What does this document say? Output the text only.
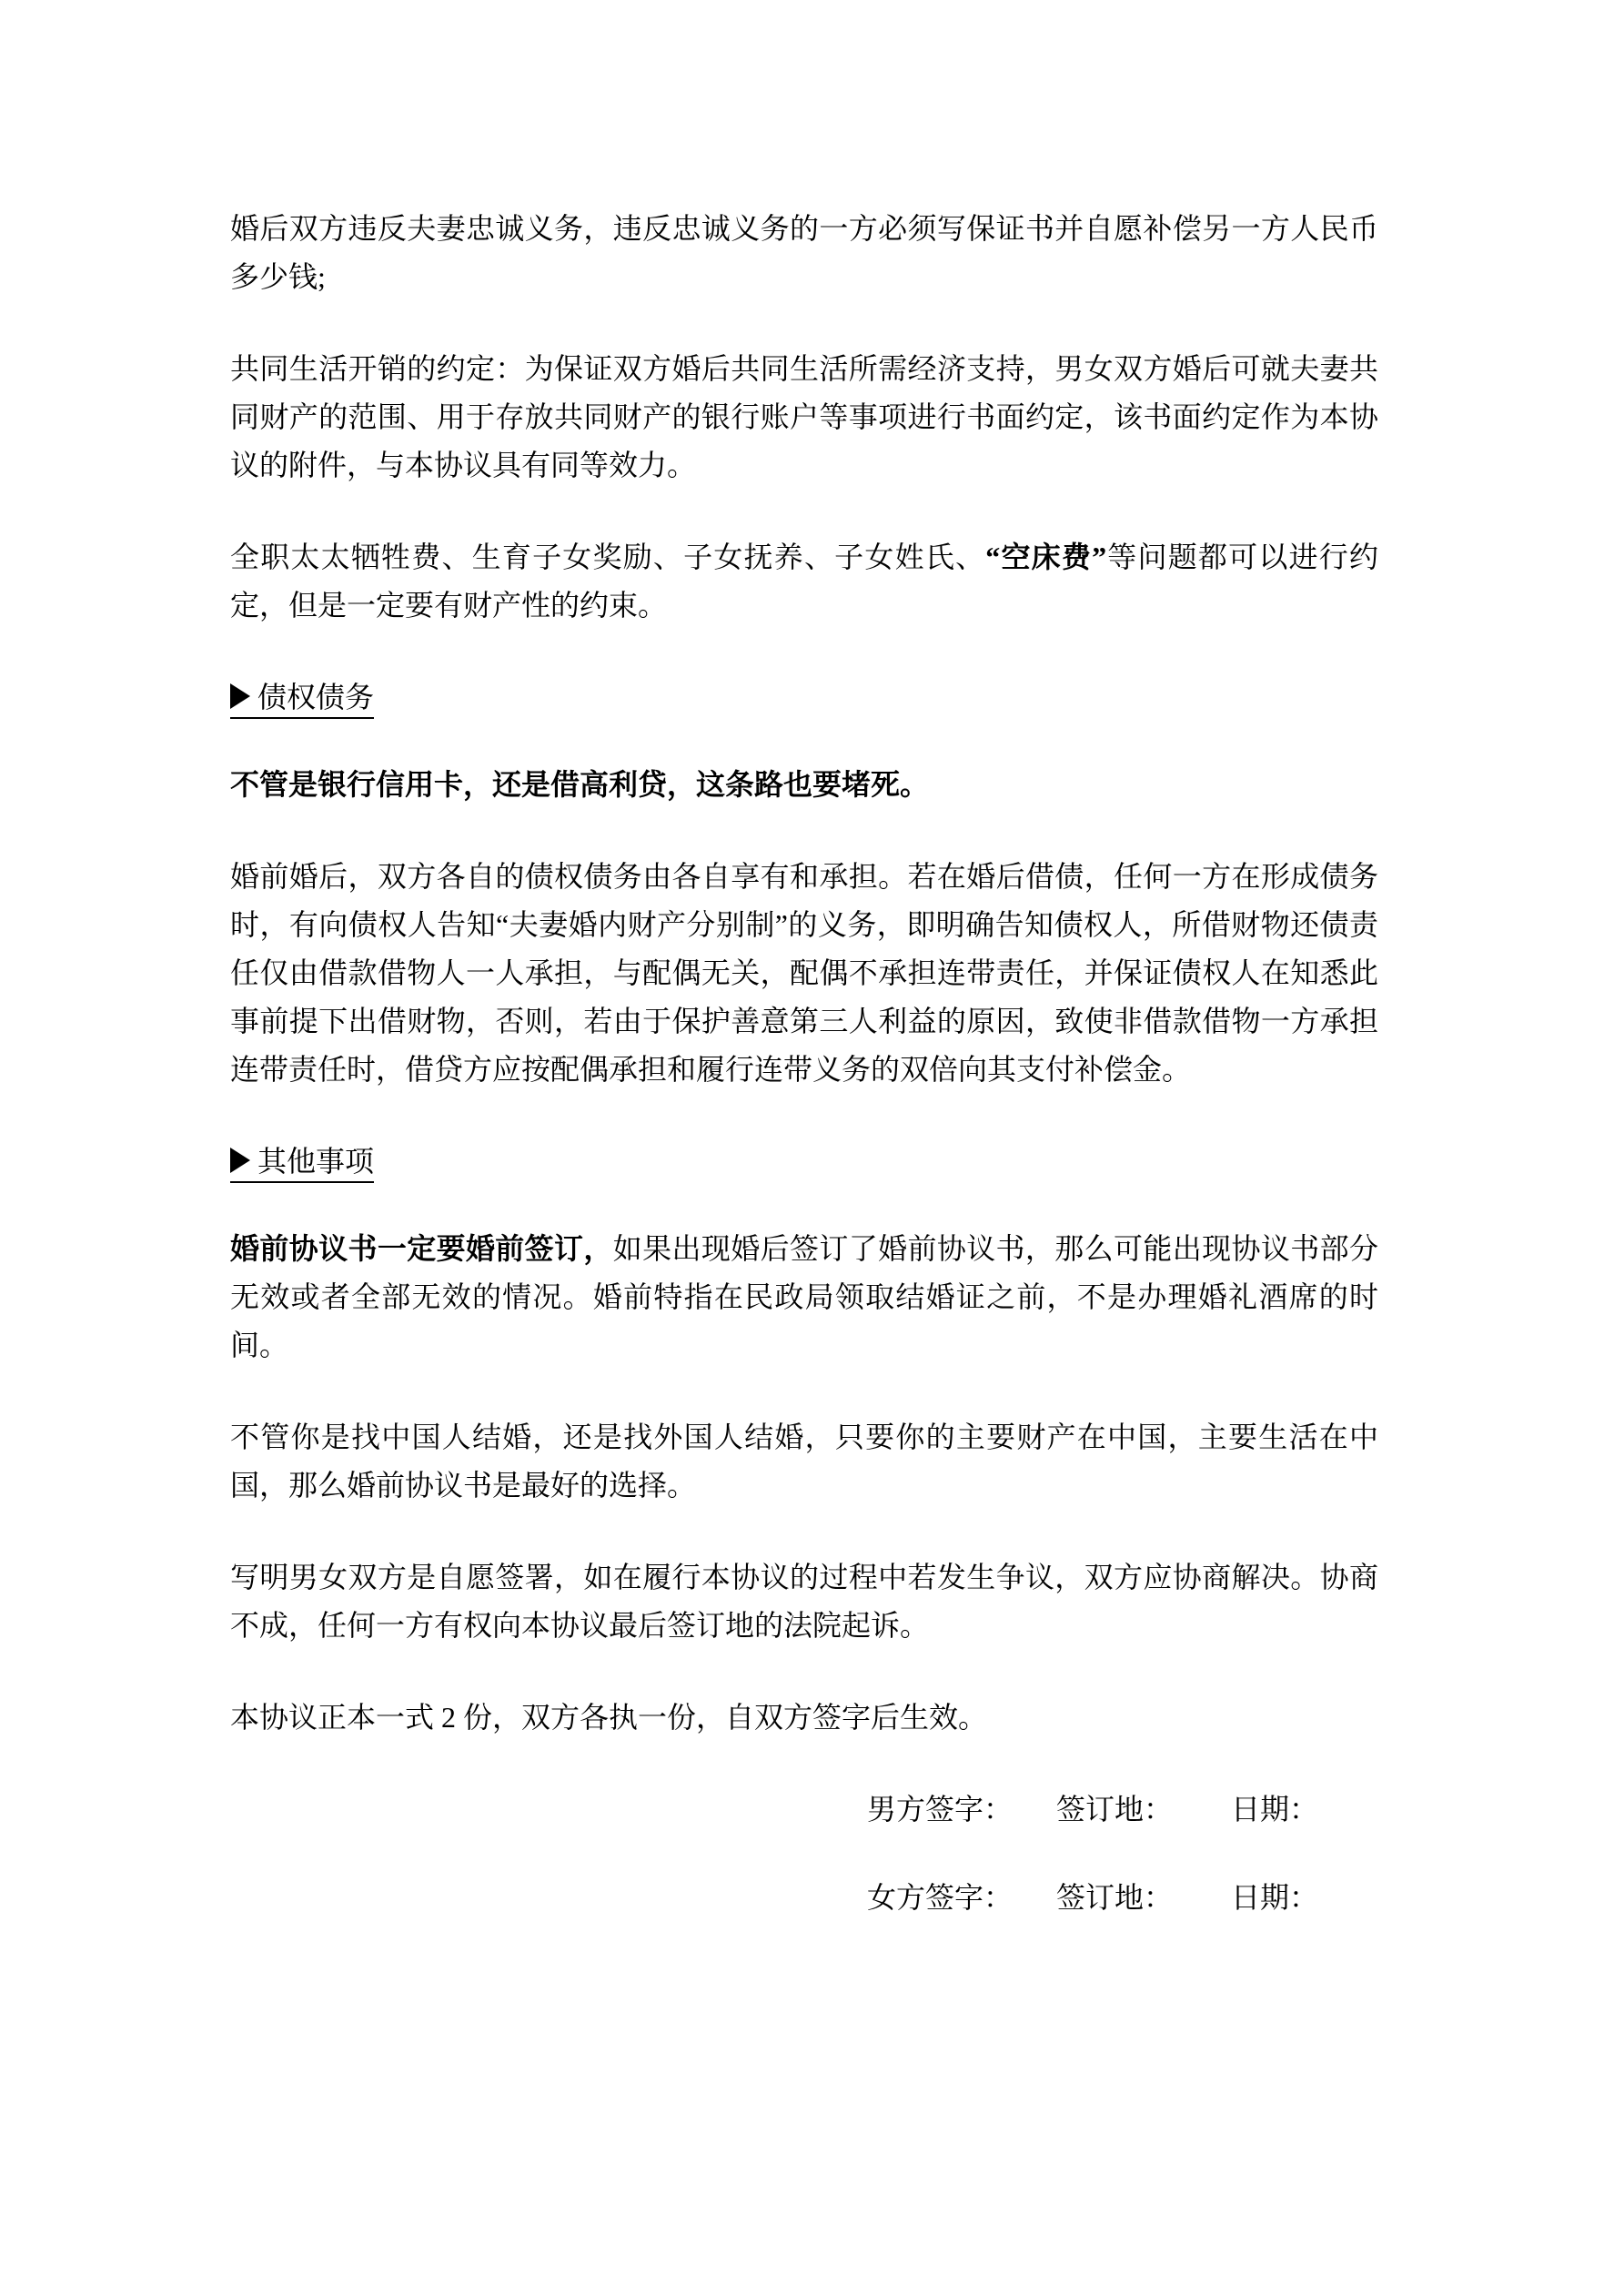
婚后双方违反夫妻忠诚义务，违反忠诚义务的一方必须写保证书并自愿补偿另一方人民币多少钱;

共同生活开销的约定：为保证双方婚后共同生活所需经济支持，男女双方婚后可就夫妻共同财产的范围、用于存放共同财产的银行账户等事项进行书面约定，该书面约定作为本协议的附件，与本协议具有同等效力。

全职太太牺牲费、生育子女奖励、子女抚养、子女姓氏、“空床费”等问题都可以进行约定，但是一定要有财产性的约束。

债权债务

不管是银行信用卡，还是借高利贷，这条路也要堵死。

婚前婚后，双方各自的债权债务由各自享有和承担。若在婚后借债，任何一方在形成债务时，有向债权人告知“夫妻婚内财产分别制”的义务，即明确告知债权人，所借财物还债责任仅由借款借物人一人承担，与配偶无关，配偶不承担连带责任，并保证债权人在知悉此事前提下出借财物，否则，若由于保护善意第三人利益的原因，致使非借款借物一方承担连带责任时，借贷方应按配偶承担和履行连带义务的双倍向其支付补偿金。

其他事项

婚前协议书一定要婚前签订，如果出现婚后签订了婚前协议书，那么可能出现协议书部分无效或者全部无效的情况。婚前特指在民政局领取结婚证之前，不是办理婚礼酒席的时间。

不管你是找中国人结婚，还是找外国人结婚，只要你的主要财产在中国，主要生活在中国，那么婚前协议书是最好的选择。

写明男女双方是自愿签署，如在履行本协议的过程中若发生争议，双方应协商解决。协商不成，任何一方有权向本协议最后签订地的法院起诉。

本协议正本一式 2 份，双方各执一份，自双方签字后生效。

男方签字： 签订地： 日期：
女方签字： 签订地： 日期：
